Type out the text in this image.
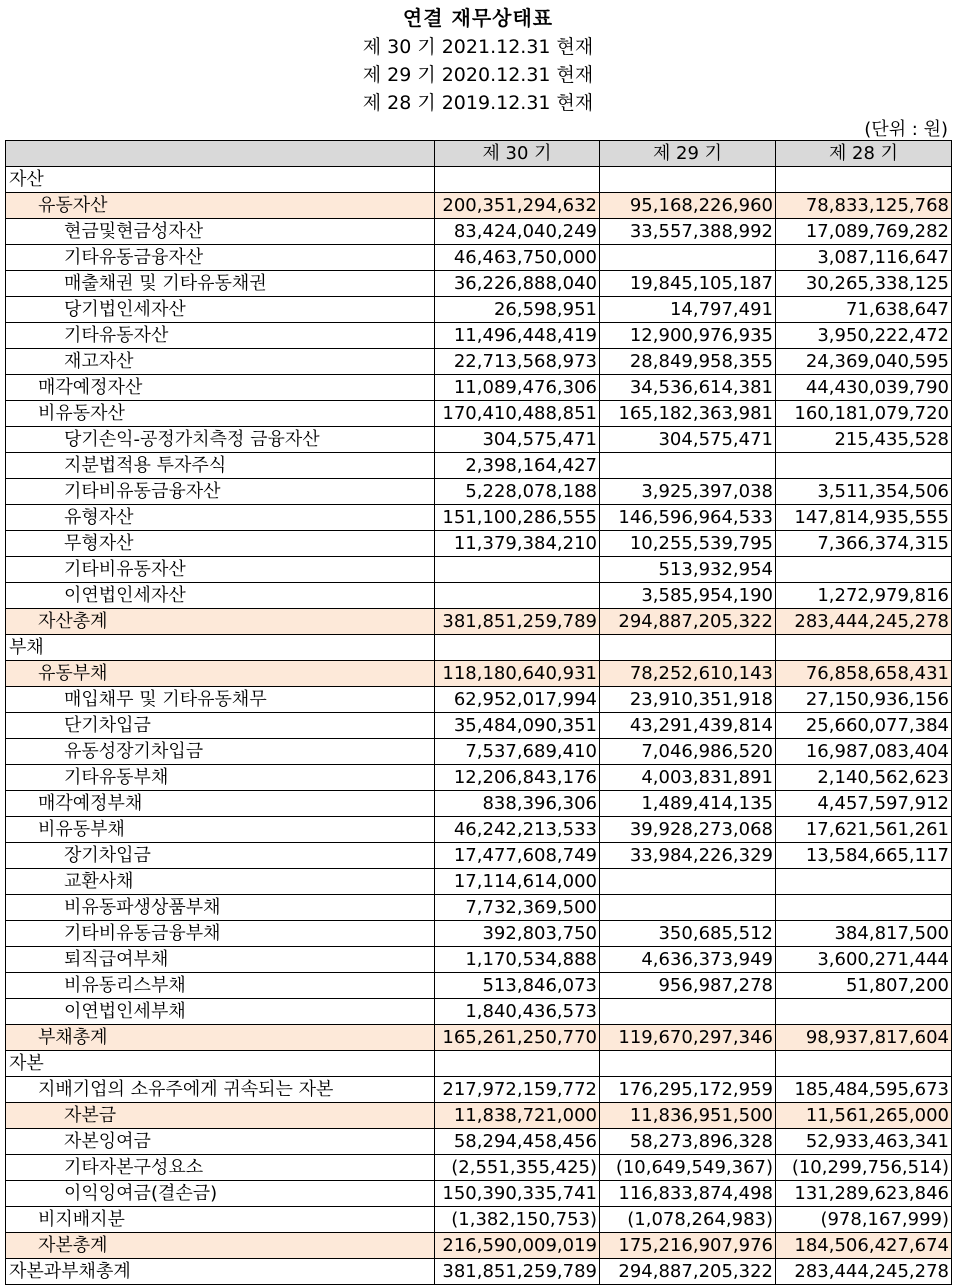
연결 재무상태표
제 30 기 2021.12.31 현재
제 29 기 2020.12.31 현재
제 28 기 2019.12.31 현재
(단위 : 원)
	제 30 기	제 29 기	제 28 기
자산			
유동자산	200,351,294,632	95,168,226,960	78,833,125,768
현금및현금성자산	83,424,040,249	33,557,388,992	17,089,769,282
기타유동금융자산	46,463,750,000		3,087,116,647
매출채권 및 기타유동채권	36,226,888,040	19,845,105,187	30,265,338,125
당기법인세자산	26,598,951	14,797,491	71,638,647
기타유동자산	11,496,448,419	12,900,976,935	3,950,222,472
재고자산	22,713,568,973	28,849,958,355	24,369,040,595
매각예정자산	11,089,476,306	34,536,614,381	44,430,039,790
비유동자산	170,410,488,851	165,182,363,981	160,181,079,720
당기손익-공정가치측정 금융자산	304,575,471	304,575,471	215,435,528
지분법적용 투자주식	2,398,164,427		
기타비유동금융자산	5,228,078,188	3,925,397,038	3,511,354,506
유형자산	151,100,286,555	146,596,964,533	147,814,935,555
무형자산	11,379,384,210	10,255,539,795	7,366,374,315
기타비유동자산		513,932,954	
이연법인세자산		3,585,954,190	1,272,979,816
자산총계	381,851,259,789	294,887,205,322	283,444,245,278
부채			
유동부채	118,180,640,931	78,252,610,143	76,858,658,431
매입채무 및 기타유동채무	62,952,017,994	23,910,351,918	27,150,936,156
단기차입금	35,484,090,351	43,291,439,814	25,660,077,384
유동성장기차입금	7,537,689,410	7,046,986,520	16,987,083,404
기타유동부채	12,206,843,176	4,003,831,891	2,140,562,623
매각예정부채	838,396,306	1,489,414,135	4,457,597,912
비유동부채	46,242,213,533	39,928,273,068	17,621,561,261
장기차입금	17,477,608,749	33,984,226,329	13,584,665,117
교환사채	17,114,614,000		
비유동파생상품부채	7,732,369,500		
기타비유동금융부채	392,803,750	350,685,512	384,817,500
퇴직급여부채	1,170,534,888	4,636,373,949	3,600,271,444
비유동리스부채	513,846,073	956,987,278	51,807,200
이연법인세부채	1,840,436,573		
부채총계	165,261,250,770	119,670,297,346	98,937,817,604
자본			
지배기업의 소유주에게 귀속되는 자본	217,972,159,772	176,295,172,959	185,484,595,673
자본금	11,838,721,000	11,836,951,500	11,561,265,000
자본잉여금	58,294,458,456	58,273,896,328	52,933,463,341
기타자본구성요소	(2,551,355,425)	(10,649,549,367)	(10,299,756,514)
이익잉여금(결손금)	150,390,335,741	116,833,874,498	131,289,623,846
비지배지분	(1,382,150,753)	(1,078,264,983)	(978,167,999)
자본총계	216,590,009,019	175,216,907,976	184,506,427,674
자본과부채총계	381,851,259,789	294,887,205,322	283,444,245,278
